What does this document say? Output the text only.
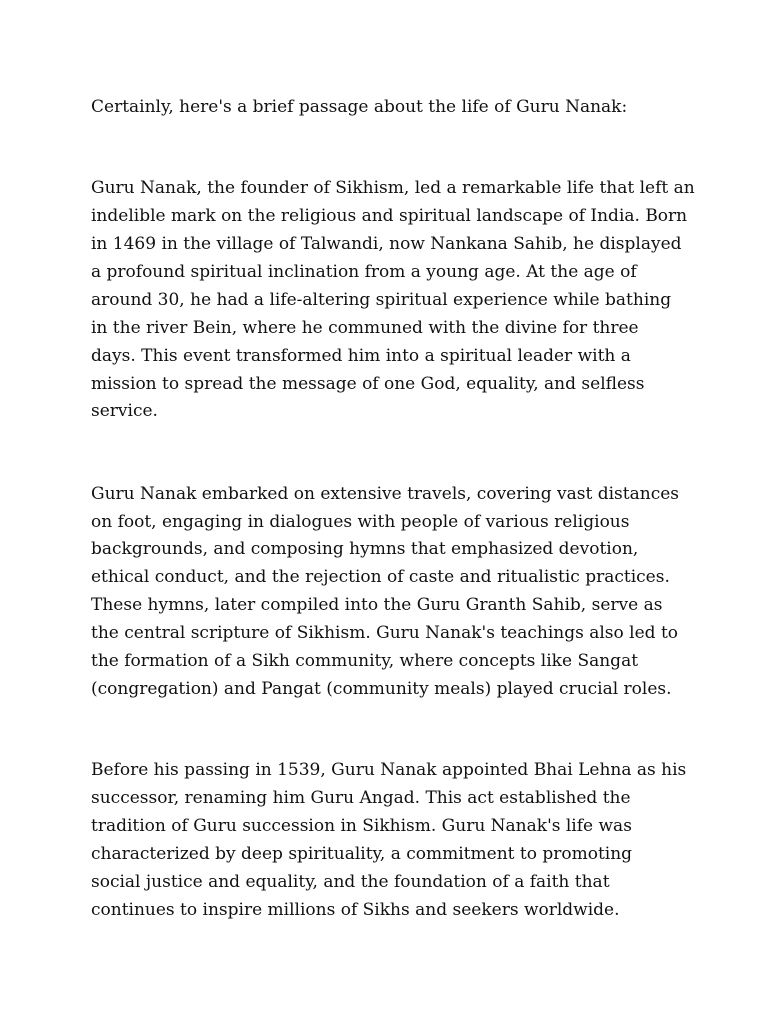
Certainly, here's a brief passage about the life of Guru Nanak:

Guru Nanak, the founder of Sikhism, led a remarkable life that left an

indelible mark on the religious and spiritual landscape of India. Born

in 1469 in the village of Talwandi, now Nankana Sahib, he displayed

a profound spiritual inclination from a young age. At the age of

around 30, he had a life-altering spiritual experience while bathing

in the river Bein, where he communed with the divine for three

days. This event transformed him into a spiritual leader with a

mission to spread the message of one God, equality, and selfless

service.

Guru Nanak embarked on extensive travels, covering vast distances

on foot, engaging in dialogues with people of various religious

backgrounds, and composing hymns that emphasized devotion,

ethical conduct, and the rejection of caste and ritualistic practices.

These hymns, later compiled into the Guru Granth Sahib, serve as

the central scripture of Sikhism. Guru Nanak's teachings also led to

the formation of a Sikh community, where concepts like Sangat

(congregation) and Pangat (community meals) played crucial roles.

Before his passing in 1539, Guru Nanak appointed Bhai Lehna as his

successor, renaming him Guru Angad. This act established the

tradition of Guru succession in Sikhism. Guru Nanak's life was

characterized by deep spirituality, a commitment to promoting

social justice and equality, and the foundation of a faith that

continues to inspire millions of Sikhs and seekers worldwide.
